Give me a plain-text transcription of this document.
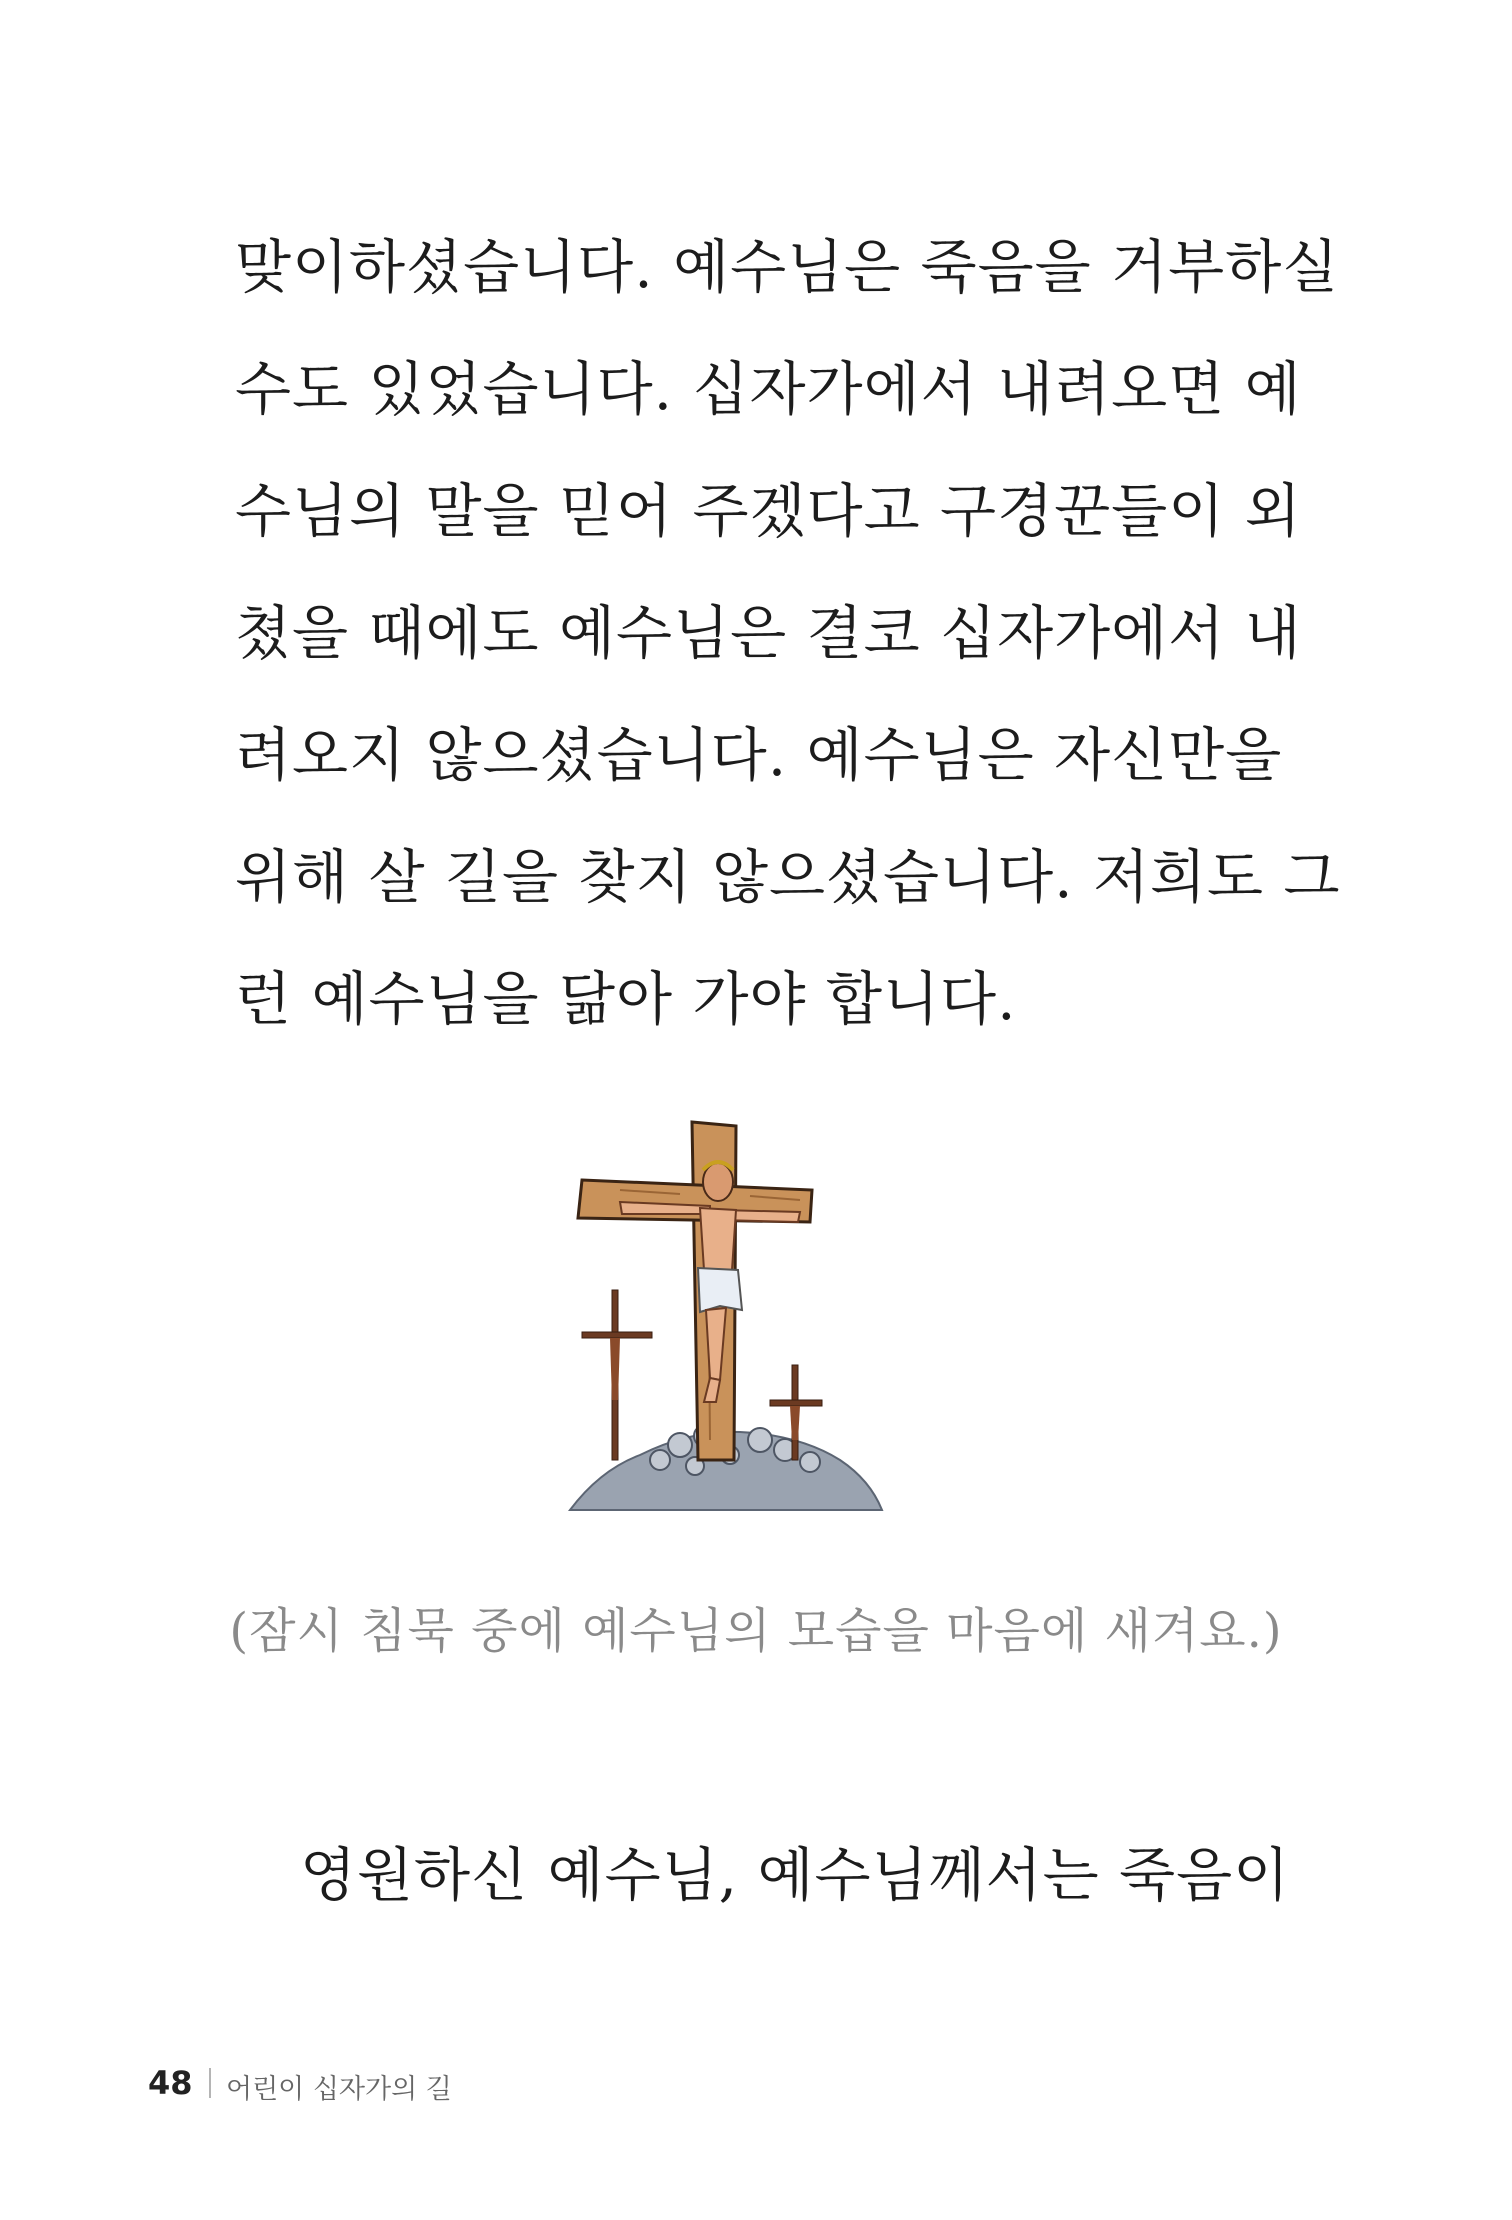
맞이하셨습니다. 예수님은 죽음을 거부하실
수도 있었습니다. 십자가에서 내려오면 예
수님의 말을 믿어 주겠다고 구경꾼들이 외
쳤을 때에도 예수님은 결코 십자가에서 내
려오지 않으셨습니다. 예수님은 자신만을
위해 살 길을 찾지 않으셨습니다. 저희도 그
런 예수님을 닮아 가야 합니다.
(잠시 침묵 중에 예수님의 모습을 마음에 새겨요.)
영원하신 예수님, 예수님께서는 죽음이
48 어린이 십자가의 길
